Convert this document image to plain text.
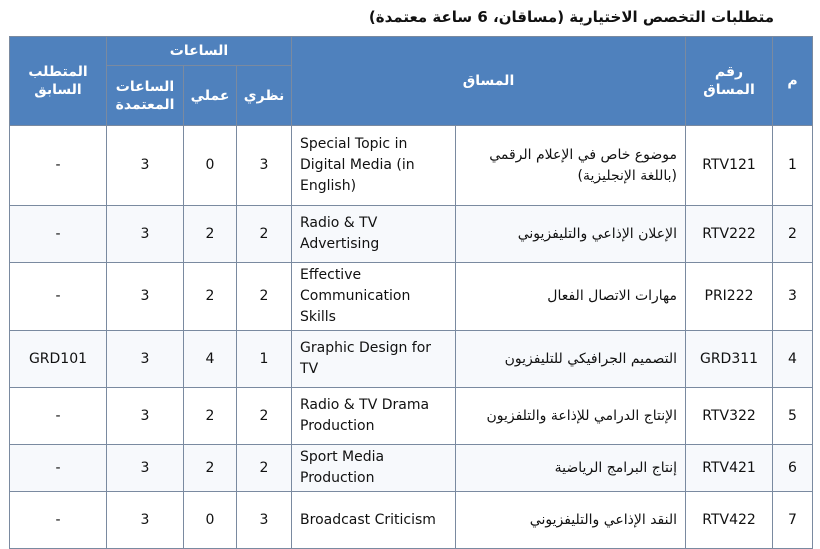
متطلبات التخصص الاختيارية (مساقان، 6 ساعة معتمدة)
م	رقم المساق	المساق		الساعات			المتطلب السابق
				نظري	عملي	الساعات المعتمدة	
1	RTV121	موضوع خاص في الإعلام الرقمي (باللغة الإنجليزية)	Special Topic in Digital Media (in English)	3	0	3	-
2	RTV222	الإعلان الإذاعي والتليفزيوني	Radio & TV Advertising	2	2	3	-
3	PRI222	مهارات الاتصال الفعال	Effective Communication Skills	2	2	3	-
4	GRD311	التصميم الجرافيكي للتليفزيون	Graphic Design for TV	1	4	3	GRD101
5	RTV322	الإنتاج الدرامي للإذاعة والتلفزيون	Radio & TV Drama Production	2	2	3	-
6	RTV421	إنتاج البرامج الرياضية	Sport Media Production	2	2	3	-
7	RTV422	النقد الإذاعي والتليفزيوني	Broadcast Criticism	3	0	3	-
